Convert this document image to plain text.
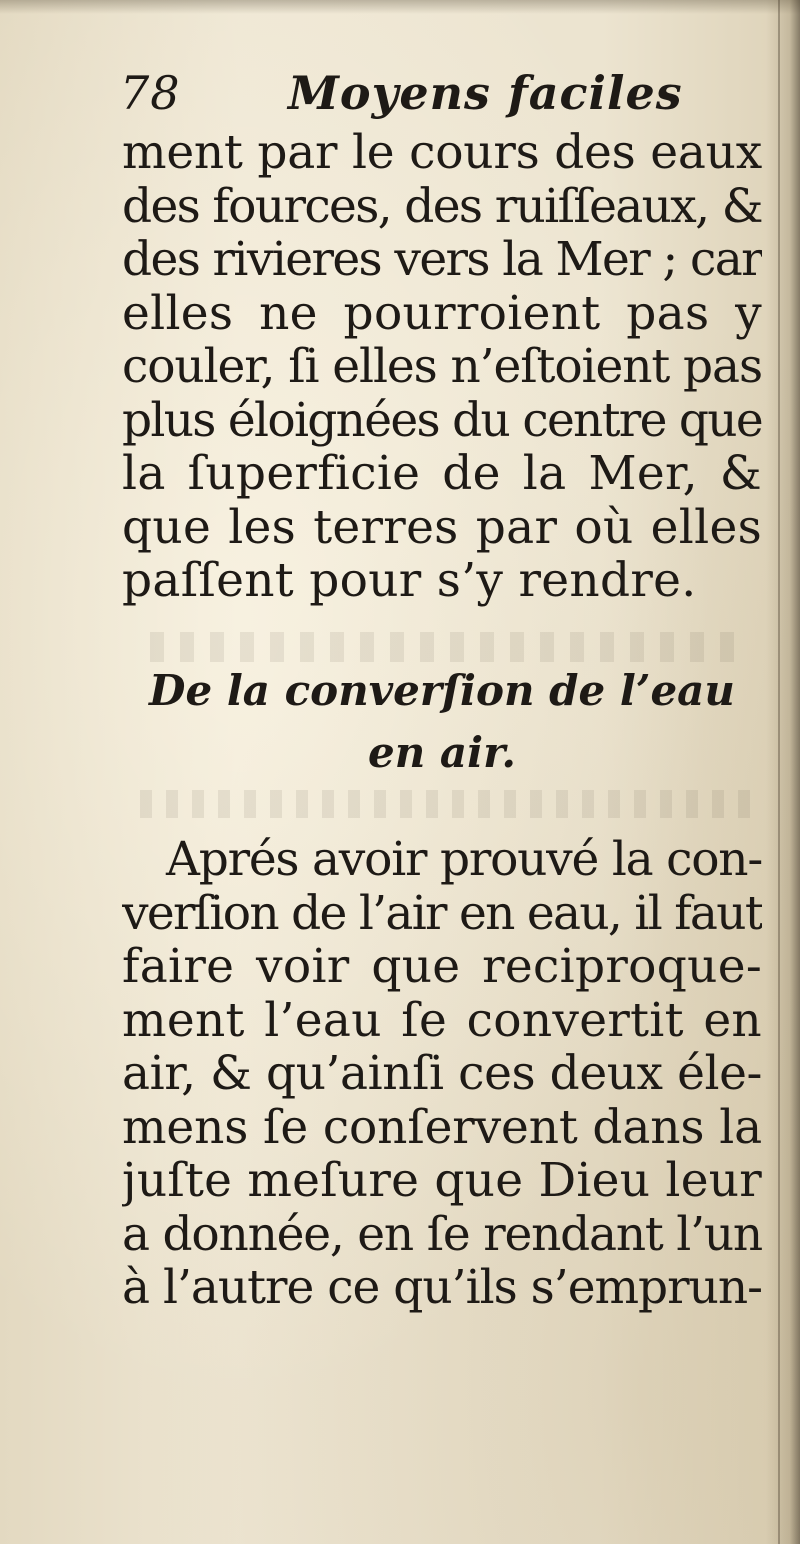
78 Moyens faciles
ment par le cours des eaux
des fources, des ruiſſeaux, &
des rivieres vers la Mer ; car
elles ne pourroient pas y
couler, ſi elles n’eſtoient pas
plus éloignées du centre que
la ſuperficie de la Mer, &
que les terres par où elles
paſſent pour s’y rendre.
De la converſion de l’eau
en air.
Aprés avoir prouvé la con-
verſion de l’air en eau, il faut
faire voir que reciproque-
ment l’eau ſe convertit en
air, & qu’ainſi ces deux éle-
mens ſe conſervent dans la
juſte meſure que Dieu leur
a donnée, en ſe rendant l’un
à l’autre ce qu’ils s’emprun-
